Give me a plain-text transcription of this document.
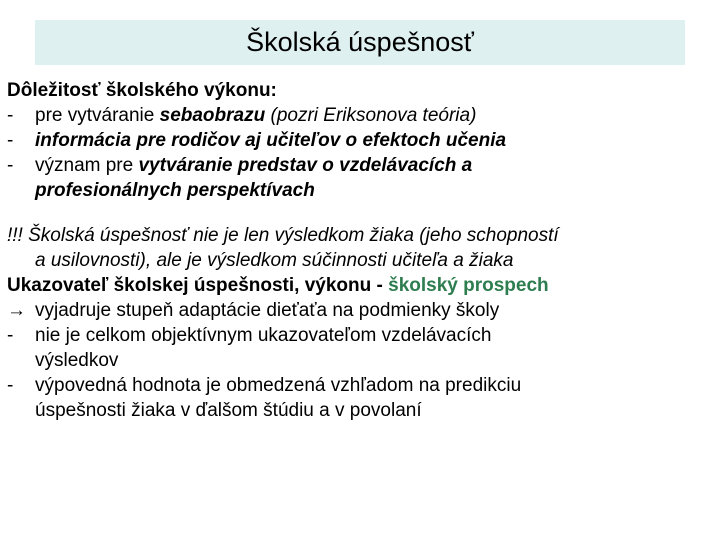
Školská úspešnosť
Dôležitosť školského výkonu:
-	pre vytváranie sebaobrazu (pozri Eriksonova teória)
-	informácia pre rodičov aj učiteľov o efektoch učenia
-	význam pre vytváranie predstav o vzdelávacích a
profesionálnych perspektívach
!!! Školská úspešnosť nie je len výsledkom žiaka (jeho schopností
a usilovnosti), ale je výsledkom súčinnosti učiteľa a žiaka
Ukazovateľ školskej úspešnosti, výkonu - školský prospech
→ vyjadruje stupeň adaptácie dieťaťa na podmienky školy
-	nie je celkom objektívnym ukazovateľom vzdelávacích
výsledkov
-	výpovedná hodnota je obmedzená vzhľadom na predikciu
úspešnosti žiaka v ďalšom štúdiu a v povolaní
